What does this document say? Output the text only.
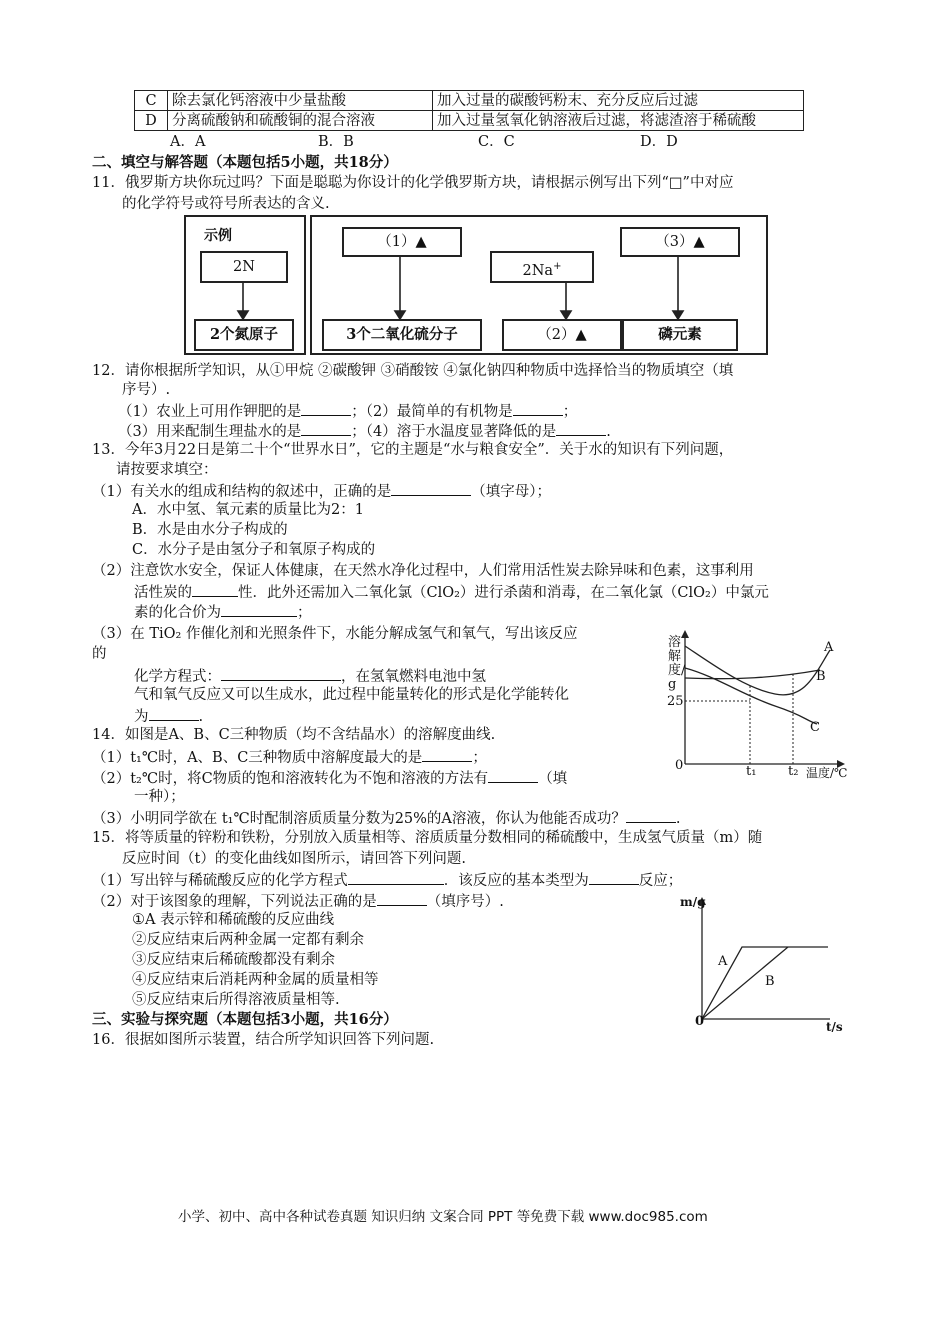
C	除去氯化钙溶液中少量盐酸	加入过量的碳酸钙粉末、充分反应后过滤
D	分离硫酸钠和硫酸铜的混合溶液	加入过量氢氧化钠溶液后过滤，将滤渣溶于稀硫酸
A．A	B．B	C．C	D．D
二、填空与解答题（本题包括5小题，共18分）
11．俄罗斯方块你玩过吗？下面是聪聪为你设计的化学俄罗斯方块，请根据示例写出下列“□”中对应
的化学符号或符号所表达的含义.
示例
2N
2个氮原子
（1）▲
3个二氧化硫分子
2Na+
（2）▲
（3）▲
磷元素
12．请你根据所学知识，从①甲烷 ②碳酸钾 ③硝酸铵 ④氯化钠四种物质中选择恰当的物质填空（填
序号）.
（1）农业上可用作钾肥的是	；（2）最简单的有机物是	；
（3）用来配制生理盐水的是	；（4）溶于水温度显著降低的是	.
13．今年3月22日是第二十个“世界水日”，它的主题是“水与粮食安全”．关于水的知识有下列问题，
请按要求填空：
（1）有关水的组成和结构的叙述中，正确的是	（填字母）；
A．水中氢、氧元素的质量比为2：1
B．水是由水分子构成的
C．水分子是由氢分子和氧原子构成的
（2）注意饮水安全，保证人体健康，在天然水净化过程中，人们常用活性炭去除异味和色素，这事利用
活性炭的	性．此外还需加入二氧化氯（ClO₂）进行杀菌和消毒，在二氧化氯（ClO₂）中氯元
素的化合价为	；
（3）在 TiO₂ 作催化剂和光照条件下，水能分解成氢气和氧气，写出该反应
的
化学方程式：	，在氢氧燃料电池中氢
气和氧气反应又可以生成水，此过程中能量转化的形式是化学能转化
为	.
14．如图是A、B、C三种物质（均不含结晶水）的溶解度曲线.
（1）t₁℃时，A、B、C三种物质中溶解度最大的是	；
（2）t₂℃时，将C物质的饱和溶液转化为不饱和溶液的方法有	（填
一种）；
（3）小明同学欲在 t₁℃时配制溶质质量分数为25%的A溶液，你认为他能否成功？	.
溶解度/g
25
0	t₁ t₂ 温度/℃
A
B
C
15．将等质量的锌粉和铁粉，分别放入质量相等、溶质质量分数相同的稀硫酸中，生成氢气质量（m）随
反应时间（t）的变化曲线如图所示，请回答下列问题.
（1）写出锌与稀硫酸反应的化学方程式	．该反应的基本类型为	反应；
（2）对于该图象的理解，下列说法正确的是	（填序号）.
①A 表示锌和稀硫酸的反应曲线
②反应结束后两种金属一定都有剩余
③反应结束后稀硫酸都没有剩余
④反应结束后消耗两种金属的质量相等
⑤反应结束后所得溶液质量相等.
m/g
0	t/s
A
B
三、实验与探究题（本题包括3小题，共16分）
16．很据如图所示装置，结合所学知识回答下列问题.
小学、初中、高中各种试卷真题 知识归纳 文案合同 PPT 等免费下载 www.doc985.com
